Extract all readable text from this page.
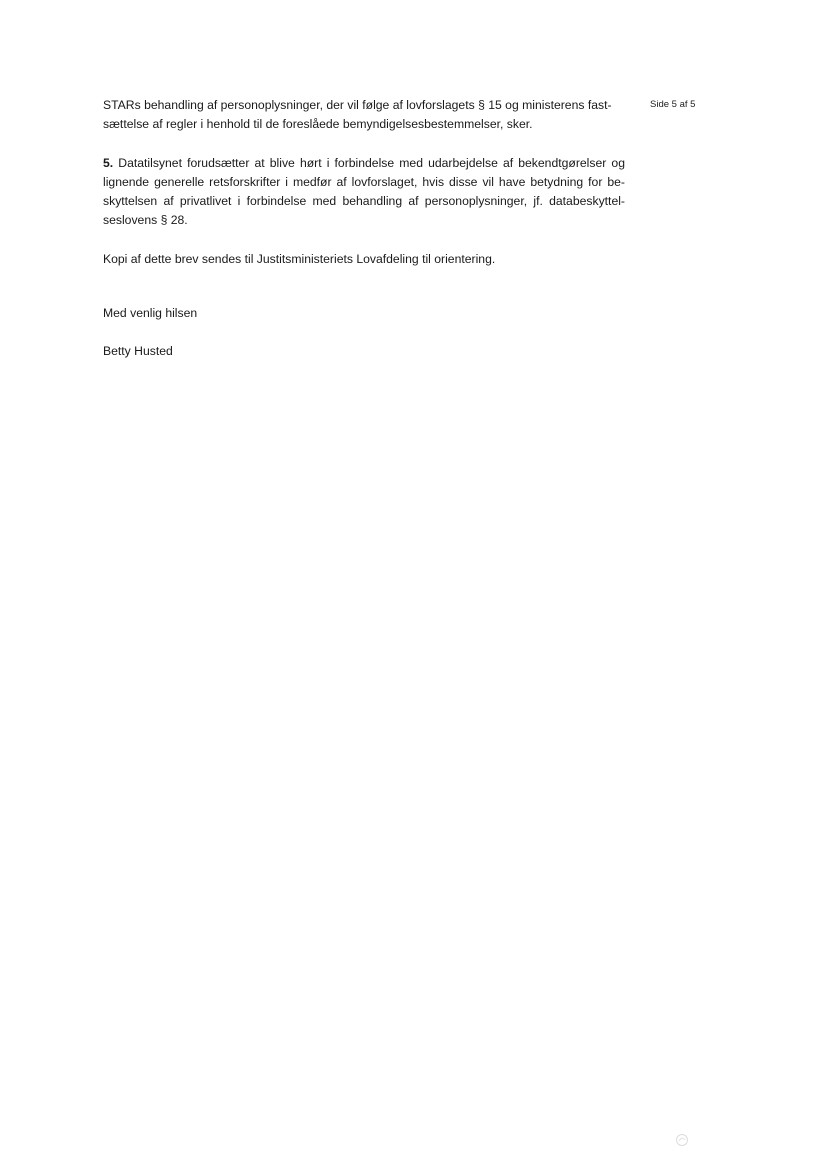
Side 5 af 5

STARs behandling af personoplysninger, der vil følge af lovforslagets § 15 og ministerens fast-
sættelse af regler i henhold til de foreslåede bemyndigelsesbestemmelser, sker.

5. Datatilsynet forudsætter at blive hørt i forbindelse med udarbejdelse af bekendtgørelser og lignende generelle retsforskrifter i medfør af lovforslaget, hvis disse vil have betydning for be-skyttelsen af privatlivet i forbindelse med behandling af personoplysninger, jf. databeskyttel-seslovens § 28.

Kopi af dette brev sendes til Justitsministeriets Lovafdeling til orientering.

Med venlig hilsen
Betty Husted
